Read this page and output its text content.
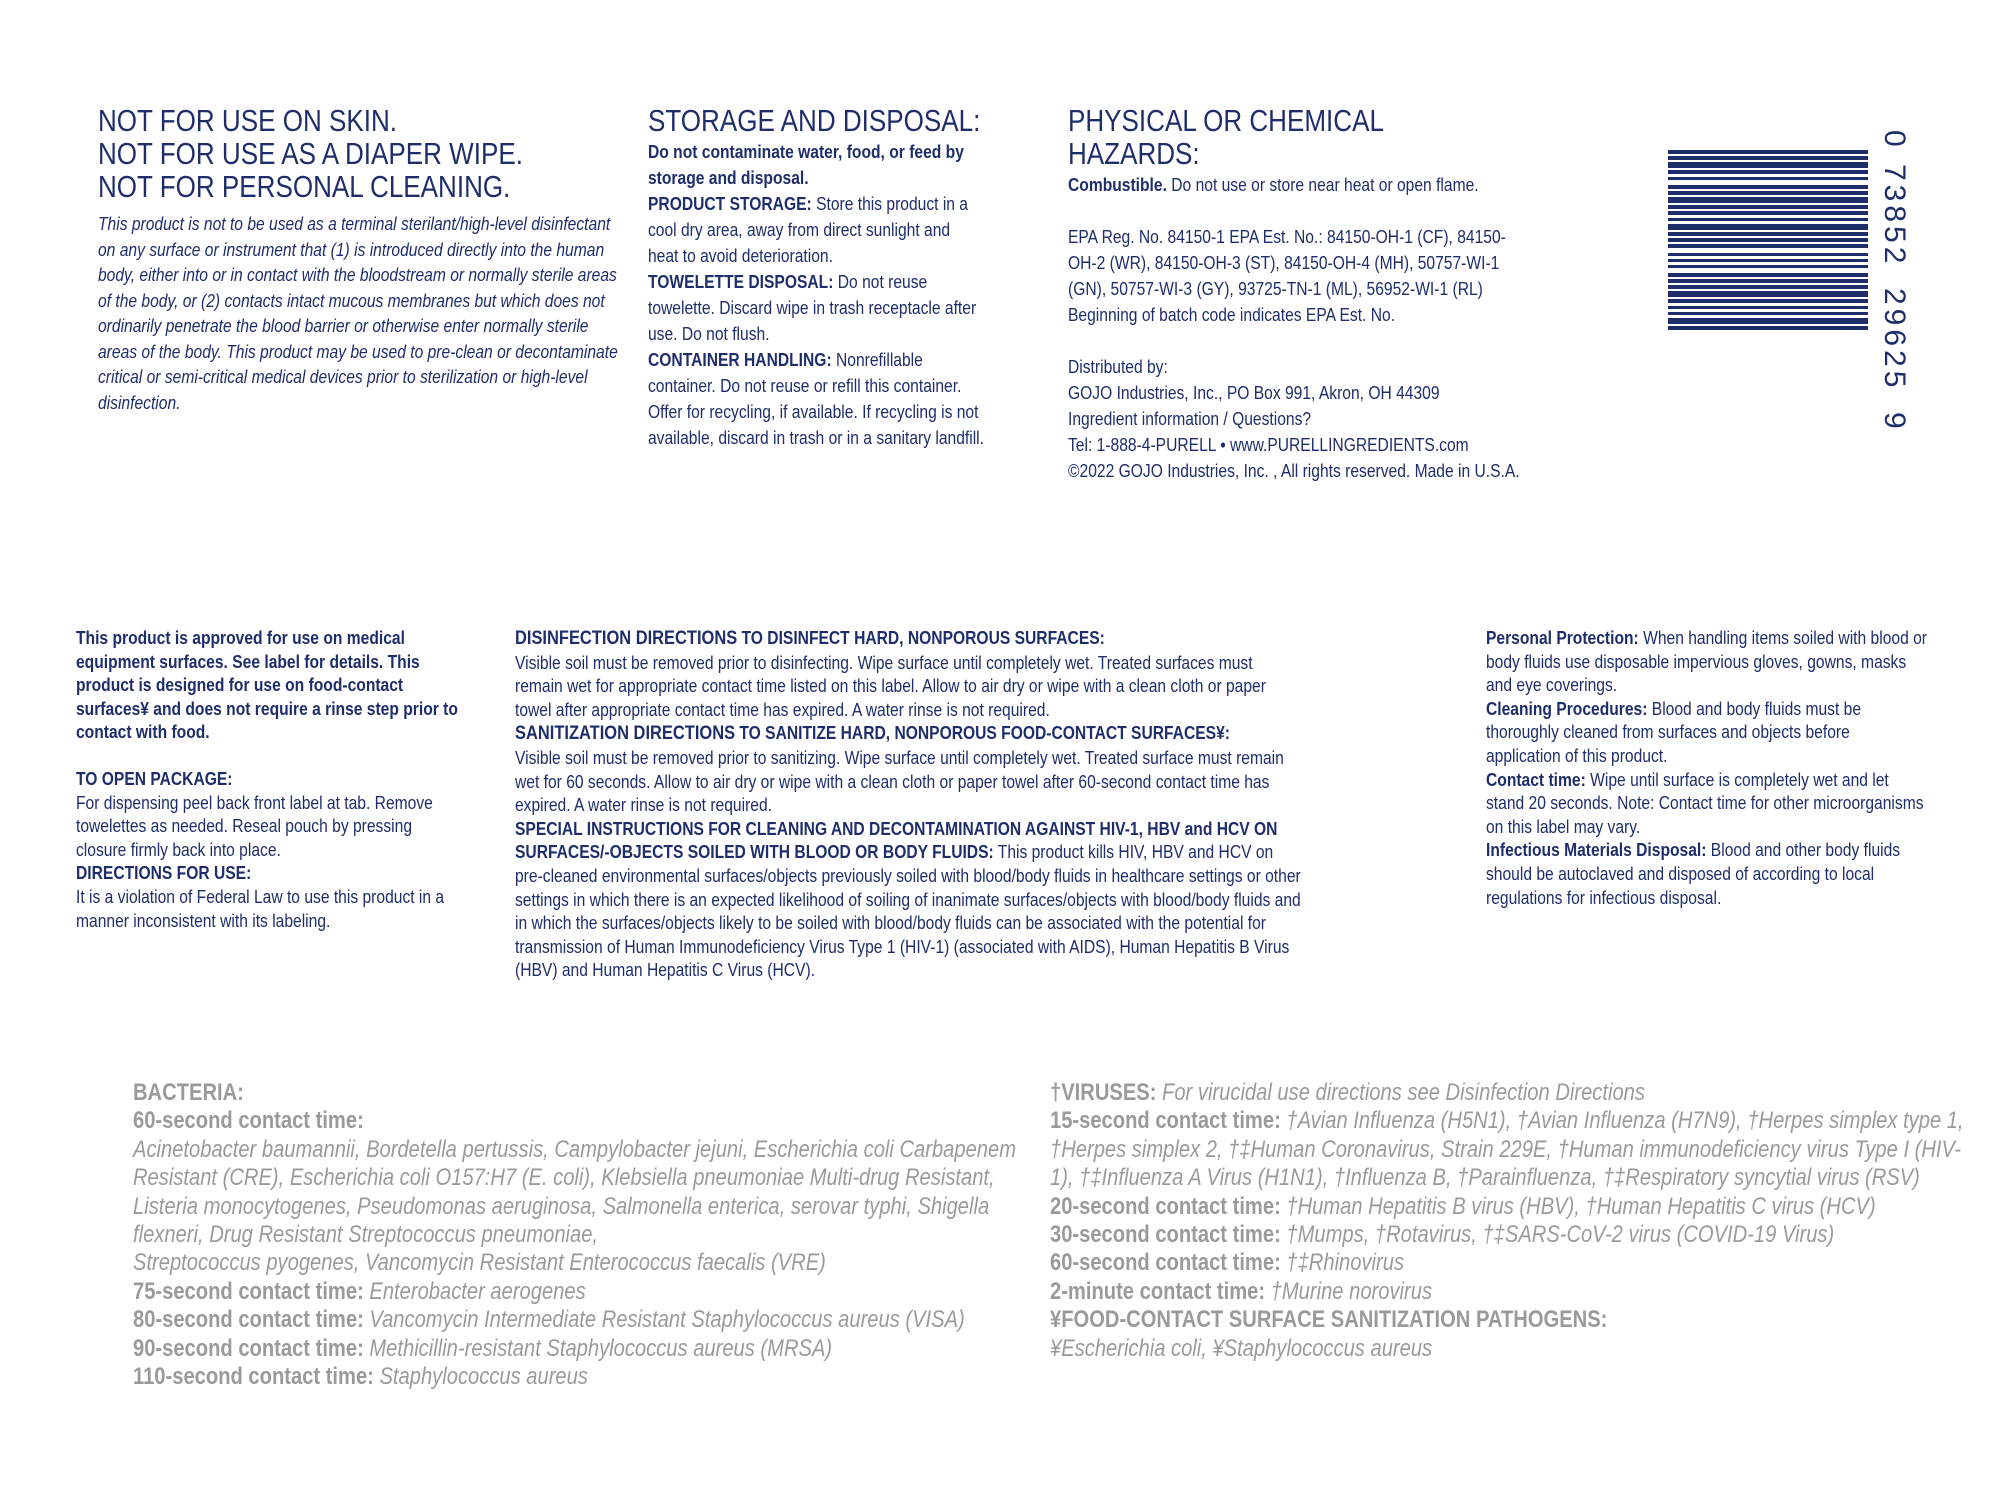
NOT FOR USE ON SKIN.

NOT FOR USE AS A DIAPER WIPE.

NOT FOR PERSONAL CLEANING.

This product is not to be used as a terminal sterilant/high-level disinfectant on any surface or instrument that (1) is introduced directly into the human body, either into or in contact with the bloodstream or normally sterile areas of the body, or (2) contacts intact mucous membranes but which does not ordinarily penetrate the blood barrier or otherwise enter normally sterile areas of the body. This product may be used to pre-clean or decontaminate critical or semi-critical medical devices prior to sterilization or high-level disinfection.

STORAGE AND DISPOSAL:

Do not contaminate water, food, or feed by storage and disposal.

PRODUCT STORAGE: Store this product in a cool dry area, away from direct sunlight and heat to avoid deterioration.

TOWELETTE DISPOSAL: Do not reuse towelette. Discard wipe in trash receptacle after use. Do not flush.

CONTAINER HANDLING: Nonrefillable container. Do not reuse or refill this container. Offer for recycling, if available. If recycling is not available, discard in trash or in a sanitary landfill.

PHYSICAL OR CHEMICAL HAZARDS:

Combustible. Do not use or store near heat or open flame.

EPA Reg. No. 84150-1 EPA Est. No.: 84150-OH-1 (CF), 84150-OH-2 (WR), 84150-OH-3 (ST), 84150-OH-4 (MH), 50757-WI-1 (GN), 50757-WI-3 (GY), 93725-TN-1 (ML), 56952-WI-1 (RL)

Beginning of batch code indicates EPA Est. No.

Distributed by:

GOJO Industries, Inc., PO Box 991, Akron, OH 44309

Ingredient information / Questions?

Tel: 1-888-4-PURELL • www.PURELLINGREDIENTS.com

©2022 GOJO Industries, Inc. , All rights reserved. Made in U.S.A.

073852296259

This product is approved for use on medical equipment surfaces. See label for details. This product is designed for use on food-contact surfaces¥ and does not require a rinse step prior to contact with food.

TO OPEN PACKAGE:

For dispensing peel back front label at tab. Remove towelettes as needed. Reseal pouch by pressing closure firmly back into place.

DIRECTIONS FOR USE:

It is a violation of Federal Law to use this product in a manner inconsistent with its labeling.

DISINFECTION DIRECTIONS TO DISINFECT HARD, NONPOROUS SURFACES:

Visible soil must be removed prior to disinfecting. Wipe surface until completely wet. Treated surfaces must remain wet for appropriate contact time listed on this label. Allow to air dry or wipe with a clean cloth or paper towel after appropriate contact time has expired. A water rinse is not required.

SANITIZATION DIRECTIONS TO SANITIZE HARD, NONPOROUS FOOD-CONTACT SURFACES¥:

Visible soil must be removed prior to sanitizing. Wipe surface until completely wet. Treated surface must remain wet for 60 seconds. Allow to air dry or wipe with a clean cloth or paper towel after 60-second contact time has expired. A water rinse is not required.

SPECIAL INSTRUCTIONS FOR CLEANING AND DECONTAMINATION AGAINST HIV-1, HBV and HCV ON SURFACES/-OBJECTS SOILED WITH BLOOD OR BODY FLUIDS: This product kills HIV, HBV and HCV on pre-cleaned environmental surfaces/objects previously soiled with blood/body fluids in healthcare settings or other settings in which there is an expected likelihood of soiling of inanimate surfaces/objects with blood/body fluids and in which the surfaces/objects likely to be soiled with blood/body fluids can be associated with the potential for transmission of Human Immunodeficiency Virus Type 1 (HIV-1) (associated with AIDS), Human Hepatitis B Virus (HBV) and Human Hepatitis C Virus (HCV).

Personal Protection: When handling items soiled with blood or body fluids use disposable impervious gloves, gowns, masks and eye coverings.

Cleaning Procedures: Blood and body fluids must be thoroughly cleaned from surfaces and objects before application of this product.

Contact time: Wipe until surface is completely wet and let stand 20 seconds. Note: Contact time for other microorganisms on this label may vary.

Infectious Materials Disposal: Blood and other body fluids should be autoclaved and disposed of according to local regulations for infectious disposal.

BACTERIA:

60-second contact time:

Acinetobacter baumannii, Bordetella pertussis, Campylobacter jejuni, Escherichia coli Carbapenem Resistant (CRE), Escherichia coli O157:H7 (E. coli), Klebsiella pneumoniae Multi-drug Resistant, Listeria monocytogenes, Pseudomonas aeruginosa, Salmonella enterica, serovar typhi, Shigella flexneri, Drug Resistant Streptococcus pneumoniae,

Streptococcus pyogenes, Vancomycin Resistant Enterococcus faecalis (VRE)

75-second contact time: Enterobacter aerogenes

80-second contact time: Vancomycin Intermediate Resistant Staphylococcus aureus (VISA)

90-second contact time: Methicillin-resistant Staphylococcus aureus (MRSA)

110-second contact time: Staphylococcus aureus

†VIRUSES: For virucidal use directions see Disinfection Directions

15-second contact time: †Avian Influenza (H5N1), †Avian Influenza (H7N9), †Herpes simplex type 1, †Herpes simplex 2, †‡Human Coronavirus, Strain 229E, †Human immunodeficiency virus Type I (HIV-1), †‡Influenza A Virus (H1N1), †Influenza B, †Parainfluenza, †‡Respiratory syncytial virus (RSV)

20-second contact time: †Human Hepatitis B virus (HBV), †Human Hepatitis C virus (HCV)

30-second contact time: †Mumps, †Rotavirus, †‡SARS-CoV-2 virus (COVID-19 Virus)

60-second contact time: †‡Rhinovirus

2-minute contact time: †Murine norovirus

¥FOOD-CONTACT SURFACE SANITIZATION PATHOGENS:

¥Escherichia coli, ¥Staphylococcus aureus
